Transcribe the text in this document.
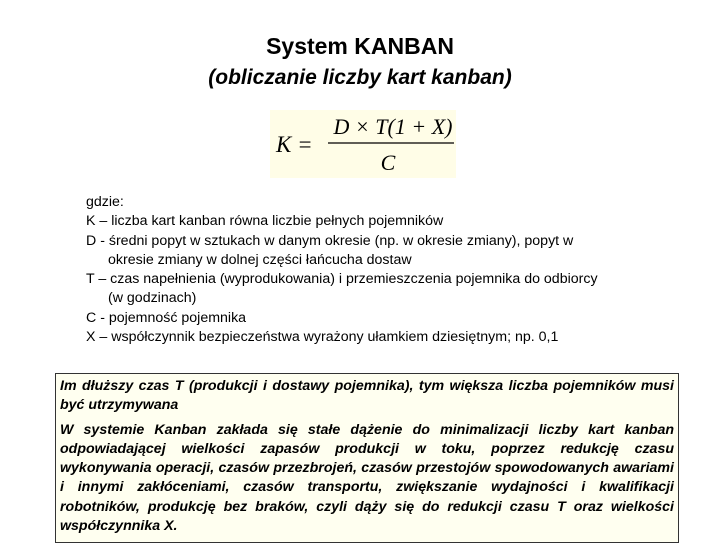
System KANBAN
(obliczanie liczby kart kanban)
K =
D × T(1 + X)
C
gdzie:
K – liczba kart kanban równa liczbie pełnych pojemników
D - średni popyt w sztukach w danym okresie (np. w okresie zmiany), popyt w
okresie zmiany w dolnej części łańcucha dostaw
T – czas napełnienia (wyprodukowania) i przemieszczenia pojemnika do odbiorcy
(w godzinach)
C - pojemność pojemnika
X – współczynnik bezpieczeństwa wyrażony ułamkiem dziesiętnym; np. 0,1

Im dłuższy czas T (produkcji i dostawy pojemnika), tym większa liczba pojemników musi być utrzymywana

W systemie Kanban zakłada się stałe dążenie do minimalizacji liczby kart kanban odpowiadającej wielkości zapasów produkcji w toku, poprzez redukcję czasu wykonywania operacji, czasów przezbrojeń, czasów przestojów spowodowanych awariami i innymi zakłóceniami, czasów transportu, zwiększanie wydajności i kwalifikacji robotników, produkcję bez braków, czyli dąży się do redukcji czasu T oraz wielkości współczynnika X.
